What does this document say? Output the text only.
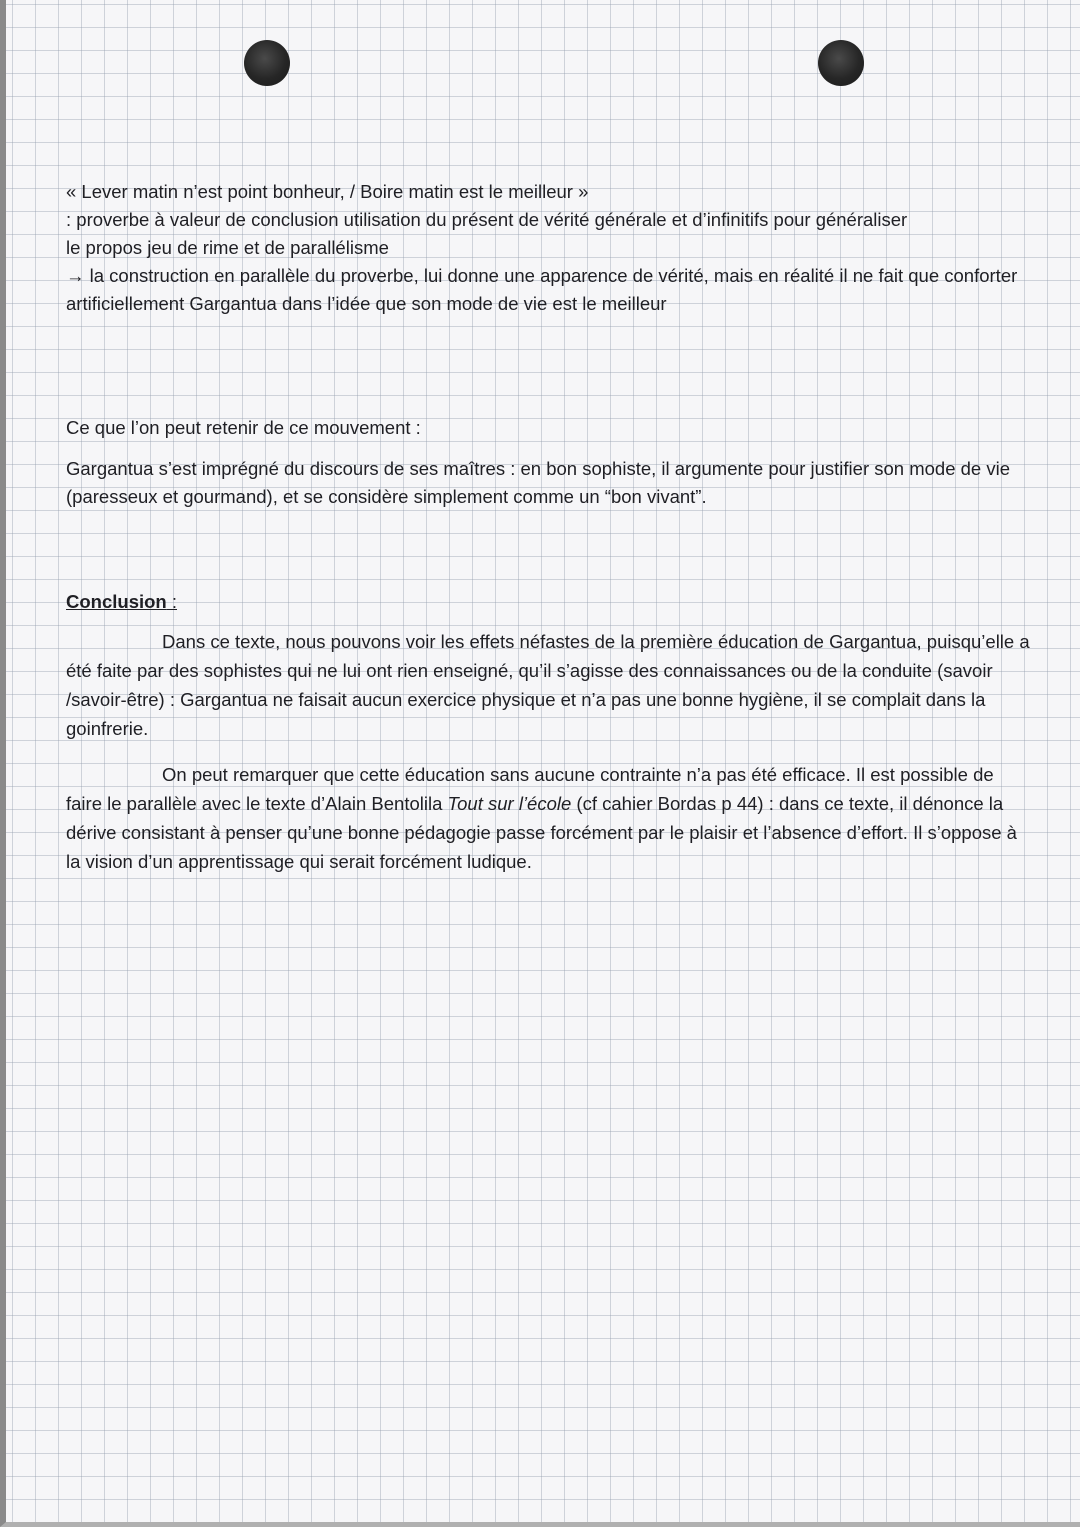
« Lever matin n’est point bonheur, / Boire matin est le meilleur »
: proverbe à valeur de conclusion utilisation du présent de vérité générale et d’infinitifs pour généraliser
le propos jeu de rime et de parallélisme
→ la construction en parallèle du proverbe, lui donne une apparence de vérité, mais en réalité il ne fait que conforter artificiellement Gargantua dans l’idée que son mode de vie est le meilleur

Ce que l’on peut retenir de ce mouvement :

Gargantua s’est imprégné du discours de ses maîtres : en bon sophiste, il argumente pour justifier son mode de vie (paresseux et gourmand), et se considère simplement comme un “bon vivant”.

Conclusion :

Dans ce texte, nous pouvons voir les effets néfastes de la première éducation de Gargantua, puisqu’elle a été faite par des sophistes qui ne lui ont rien enseigné, qu’il s’agisse des connaissances ou de la conduite (savoir /savoir-être) : Gargantua ne faisait aucun exercice physique et n’a pas une bonne hygiène, il se complait dans la goinfrerie.

On peut remarquer que cette éducation sans aucune contrainte n’a pas été efficace. Il est possible de faire le parallèle avec le texte d’Alain Bentolila Tout sur l’école (cf cahier Bordas p 44) : dans ce texte, il dénonce la dérive consistant à penser qu’une bonne pédagogie passe forcément par le plaisir et l’absence d’effort. Il s’oppose à la vision d’un apprentissage qui serait forcément ludique.
